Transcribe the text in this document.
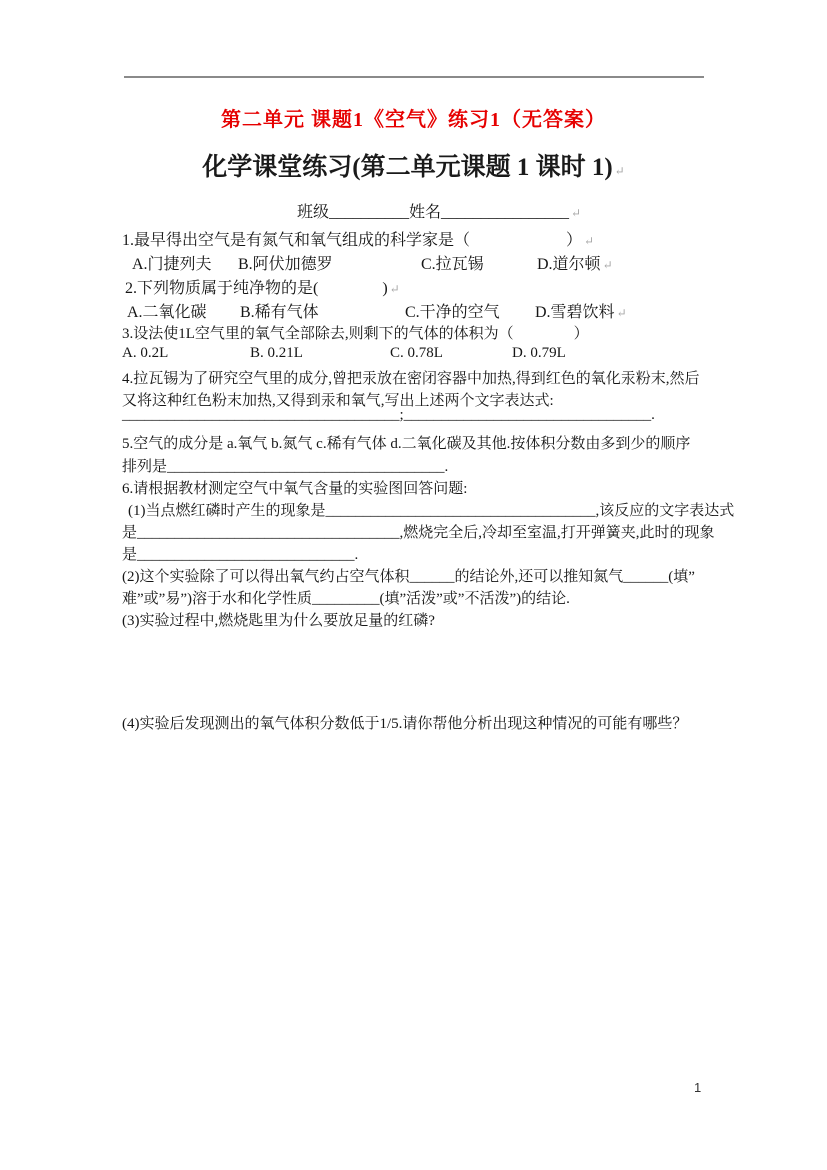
第二单元 课题1《空气》练习1（无答案）
化学课堂练习(第二单元课题 1 课时 1) ↵
班级__________姓名________________ ↵
1.最早得出空气是有氮气和氧气组成的科学家是（　　　　　　） ↵
A.门捷列夫 B.阿伏加德罗	C.拉瓦锡	D.道尔顿 ↵
2.下列物质属于纯净物的是(　　　　) ↵
A.二氧化碳 B.稀有气体	C.干净的空气 D.雪碧饮料 ↵
3.设法使1L空气里的氧气全部除去,则剩下的气体的体积为（　　　　）
A. 0.2L	B. 0.21L	C. 0.78L	D. 0.79L
4.拉瓦锡为了研究空气里的成分,曾把汞放在密闭容器中加热,得到红色的氧化汞粉末,然后
又将这种红色粉末加热,又得到汞和氧气,写出上述两个文字表达式:
_____________________________________;_________________________________.
5.空气的成分是 a.氧气 b.氮气 c.稀有气体 d.二氧化碳及其他.按体积分数由多到少的顺序
排列是_____________________________________.
6.请根据教材测定空气中氧气含量的实验图回答问题:
(1)当点燃红磷时产生的现象是____________________________________,该反应的文字表达式
是___________________________________,燃烧完全后,冷却至室温,打开弹簧夹,此时的现象
是_____________________________.
(2)这个实验除了可以得出氧气约占空气体积______的结论外,还可以推知氮气______(填”
难”或”易”)溶于水和化学性质_________(填”活泼”或”不活泼”)的结论.
(3)实验过程中,燃烧匙里为什么要放足量的红磷?
(4)实验后发现测出的氧气体积分数低于1/5.请你帮他分析出现这种情况的可能有哪些？
1
